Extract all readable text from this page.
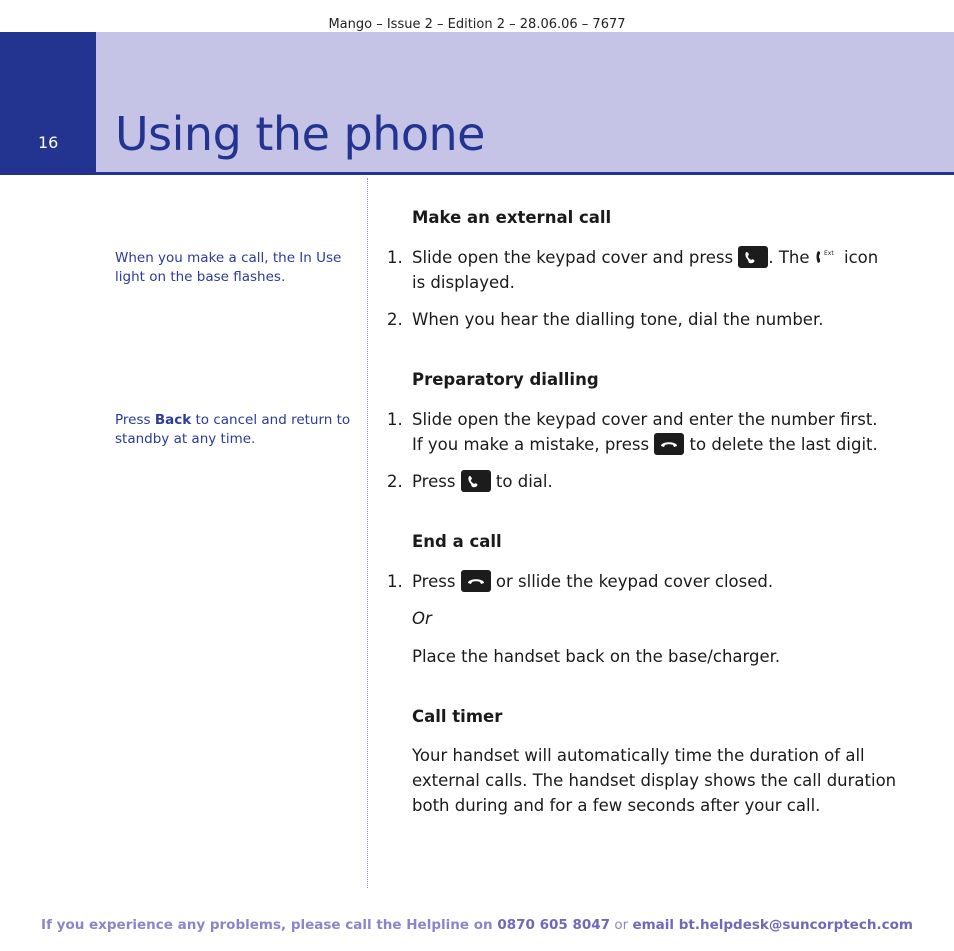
Mango – Issue 2 – Edition 2 – 28.06.06 – 7677
16 Using the phone
When you make a call, the In Use light on the base flashes.
Press Back to cancel and return to standby at any time.
Make an external call
1. Slide open the keypad cover and press
. The Ext icon
is displayed.
2. When you hear the dialling tone, dial the number.
Preparatory dialling
1. Slide open the keypad cover and enter the number first.
If you make a mistake, press
to delete the last digit.
2. Press
to dial.
End a call
1. Press
or sllide the keypad cover closed.
Or
Place the handset back on the base/charger.
Call timer
Your handset will automatically time the duration of all
external calls. The handset display shows the call duration
both during and for a few seconds after your call.
If you experience any problems, please call the Helpline on 0870 605 8047 or email bt.helpdesk@suncorptech.com
